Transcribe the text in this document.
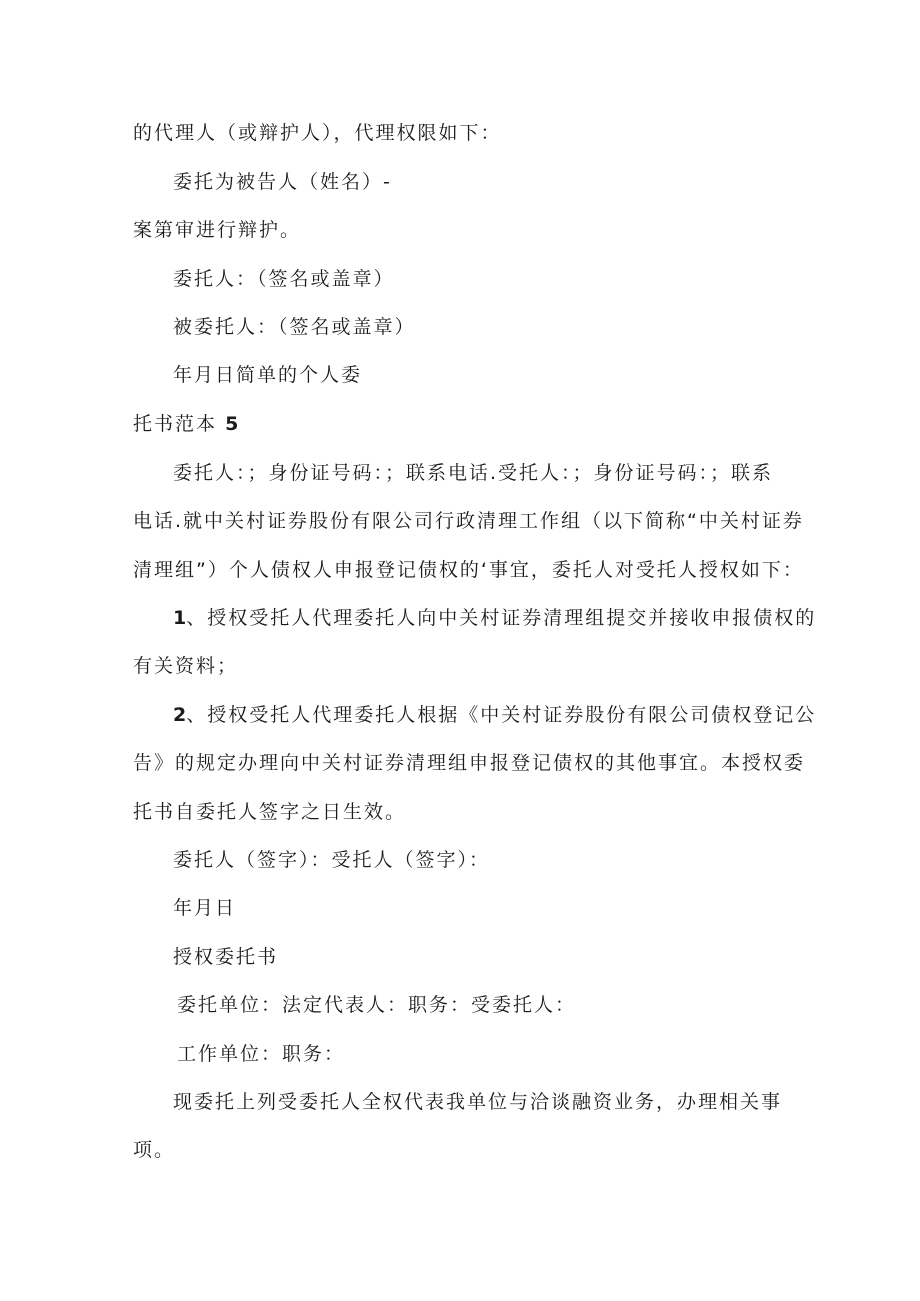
的代理人（或辩护人），代理权限如下：
委托为被告人（姓名）-
案第审进行辩护。
委托人：（签名或盖章）
被委托人：（签名或盖章）
年月日简单的个人委
托书范本 5
委托人：；身份证号码：；联系电话.受托人：；身份证号码：；联系
电话.就中关村证券股份有限公司行政清理工作组（以下简称“中关村证券
清理组”）个人债权人申报登记债权的‘事宜，委托人对受托人授权如下：
1、授权受托人代理委托人向中关村证券清理组提交并接收申报债权的
有关资料；
2、授权受托人代理委托人根据《中关村证券股份有限公司债权登记公
告》的规定办理向中关村证券清理组申报登记债权的其他事宜。本授权委
托书自委托人签字之日生效。
委托人（签字）：受托人（签字）：
年月日
授权委托书
委托单位：法定代表人：职务：受委托人：
工作单位：职务：
现委托上列受委托人全权代表我单位与洽谈融资业务，办理相关事
项。
